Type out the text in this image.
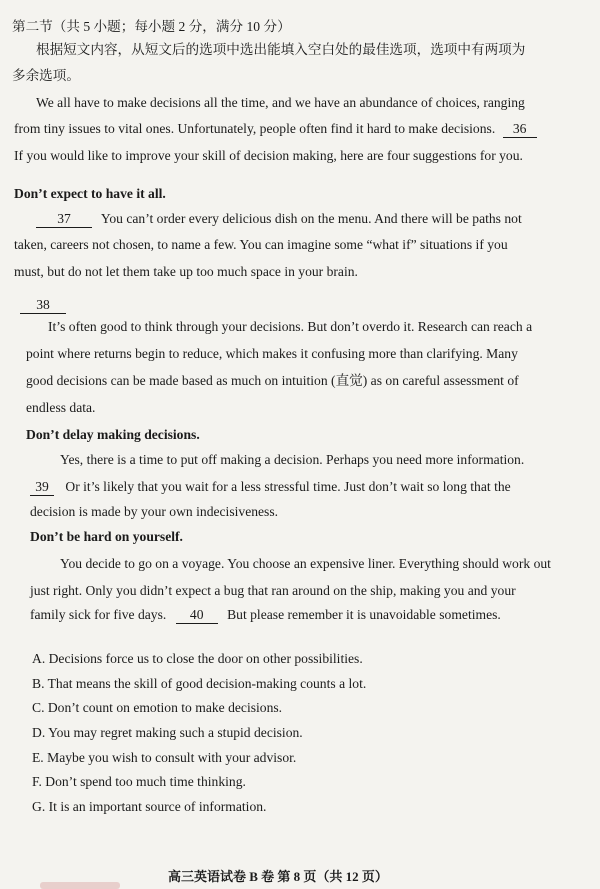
第二节（共 5 小题；每小题 2 分，满分 10 分）
根据短文内容，从短文后的选项中选出能填入空白处的最佳选项，选项中有两项为
多余选项。
We all have to make decisions all the time, and we have an abundance of choices, ranging
from tiny issues to vital ones. Unfortunately, people often find it hard to make decisions. 36
If you would like to improve your skill of decision making, here are four suggestions for you.
Don’t expect to have it all.
37 You can’t order every delicious dish on the menu. And there will be paths not
taken, careers not chosen, to name a few. You can imagine some “what if” situations if you
must, but do not let them take up too much space in your brain.
38
It’s often good to think through your decisions. But don’t overdo it. Research can reach a
point where returns begin to reduce, which makes it confusing more than clarifying. Many
good decisions can be made based as much on intuition (直觉) as on careful assessment of
endless data.
Don’t delay making decisions.
Yes, there is a time to put off making a decision. Perhaps you need more information.
39 Or it’s likely that you wait for a less stressful time. Just don’t wait so long that the
decision is made by your own indecisiveness.
Don’t be hard on yourself.
You decide to go on a voyage. You choose an expensive liner. Everything should work out
just right. Only you didn’t expect a bug that ran around on the ship, making you and your
family sick for five days. 40 But please remember it is unavoidable sometimes.
A. Decisions force us to close the door on other possibilities.
B. That means the skill of good decision-making counts a lot.
C. Don’t count on emotion to make decisions.
D. You may regret making such a stupid decision.
E. Maybe you wish to consult with your advisor.
F. Don’t spend too much time thinking.
G. It is an important source of information.
高三英语试卷 B 卷 第 8 页（共 12 页）
